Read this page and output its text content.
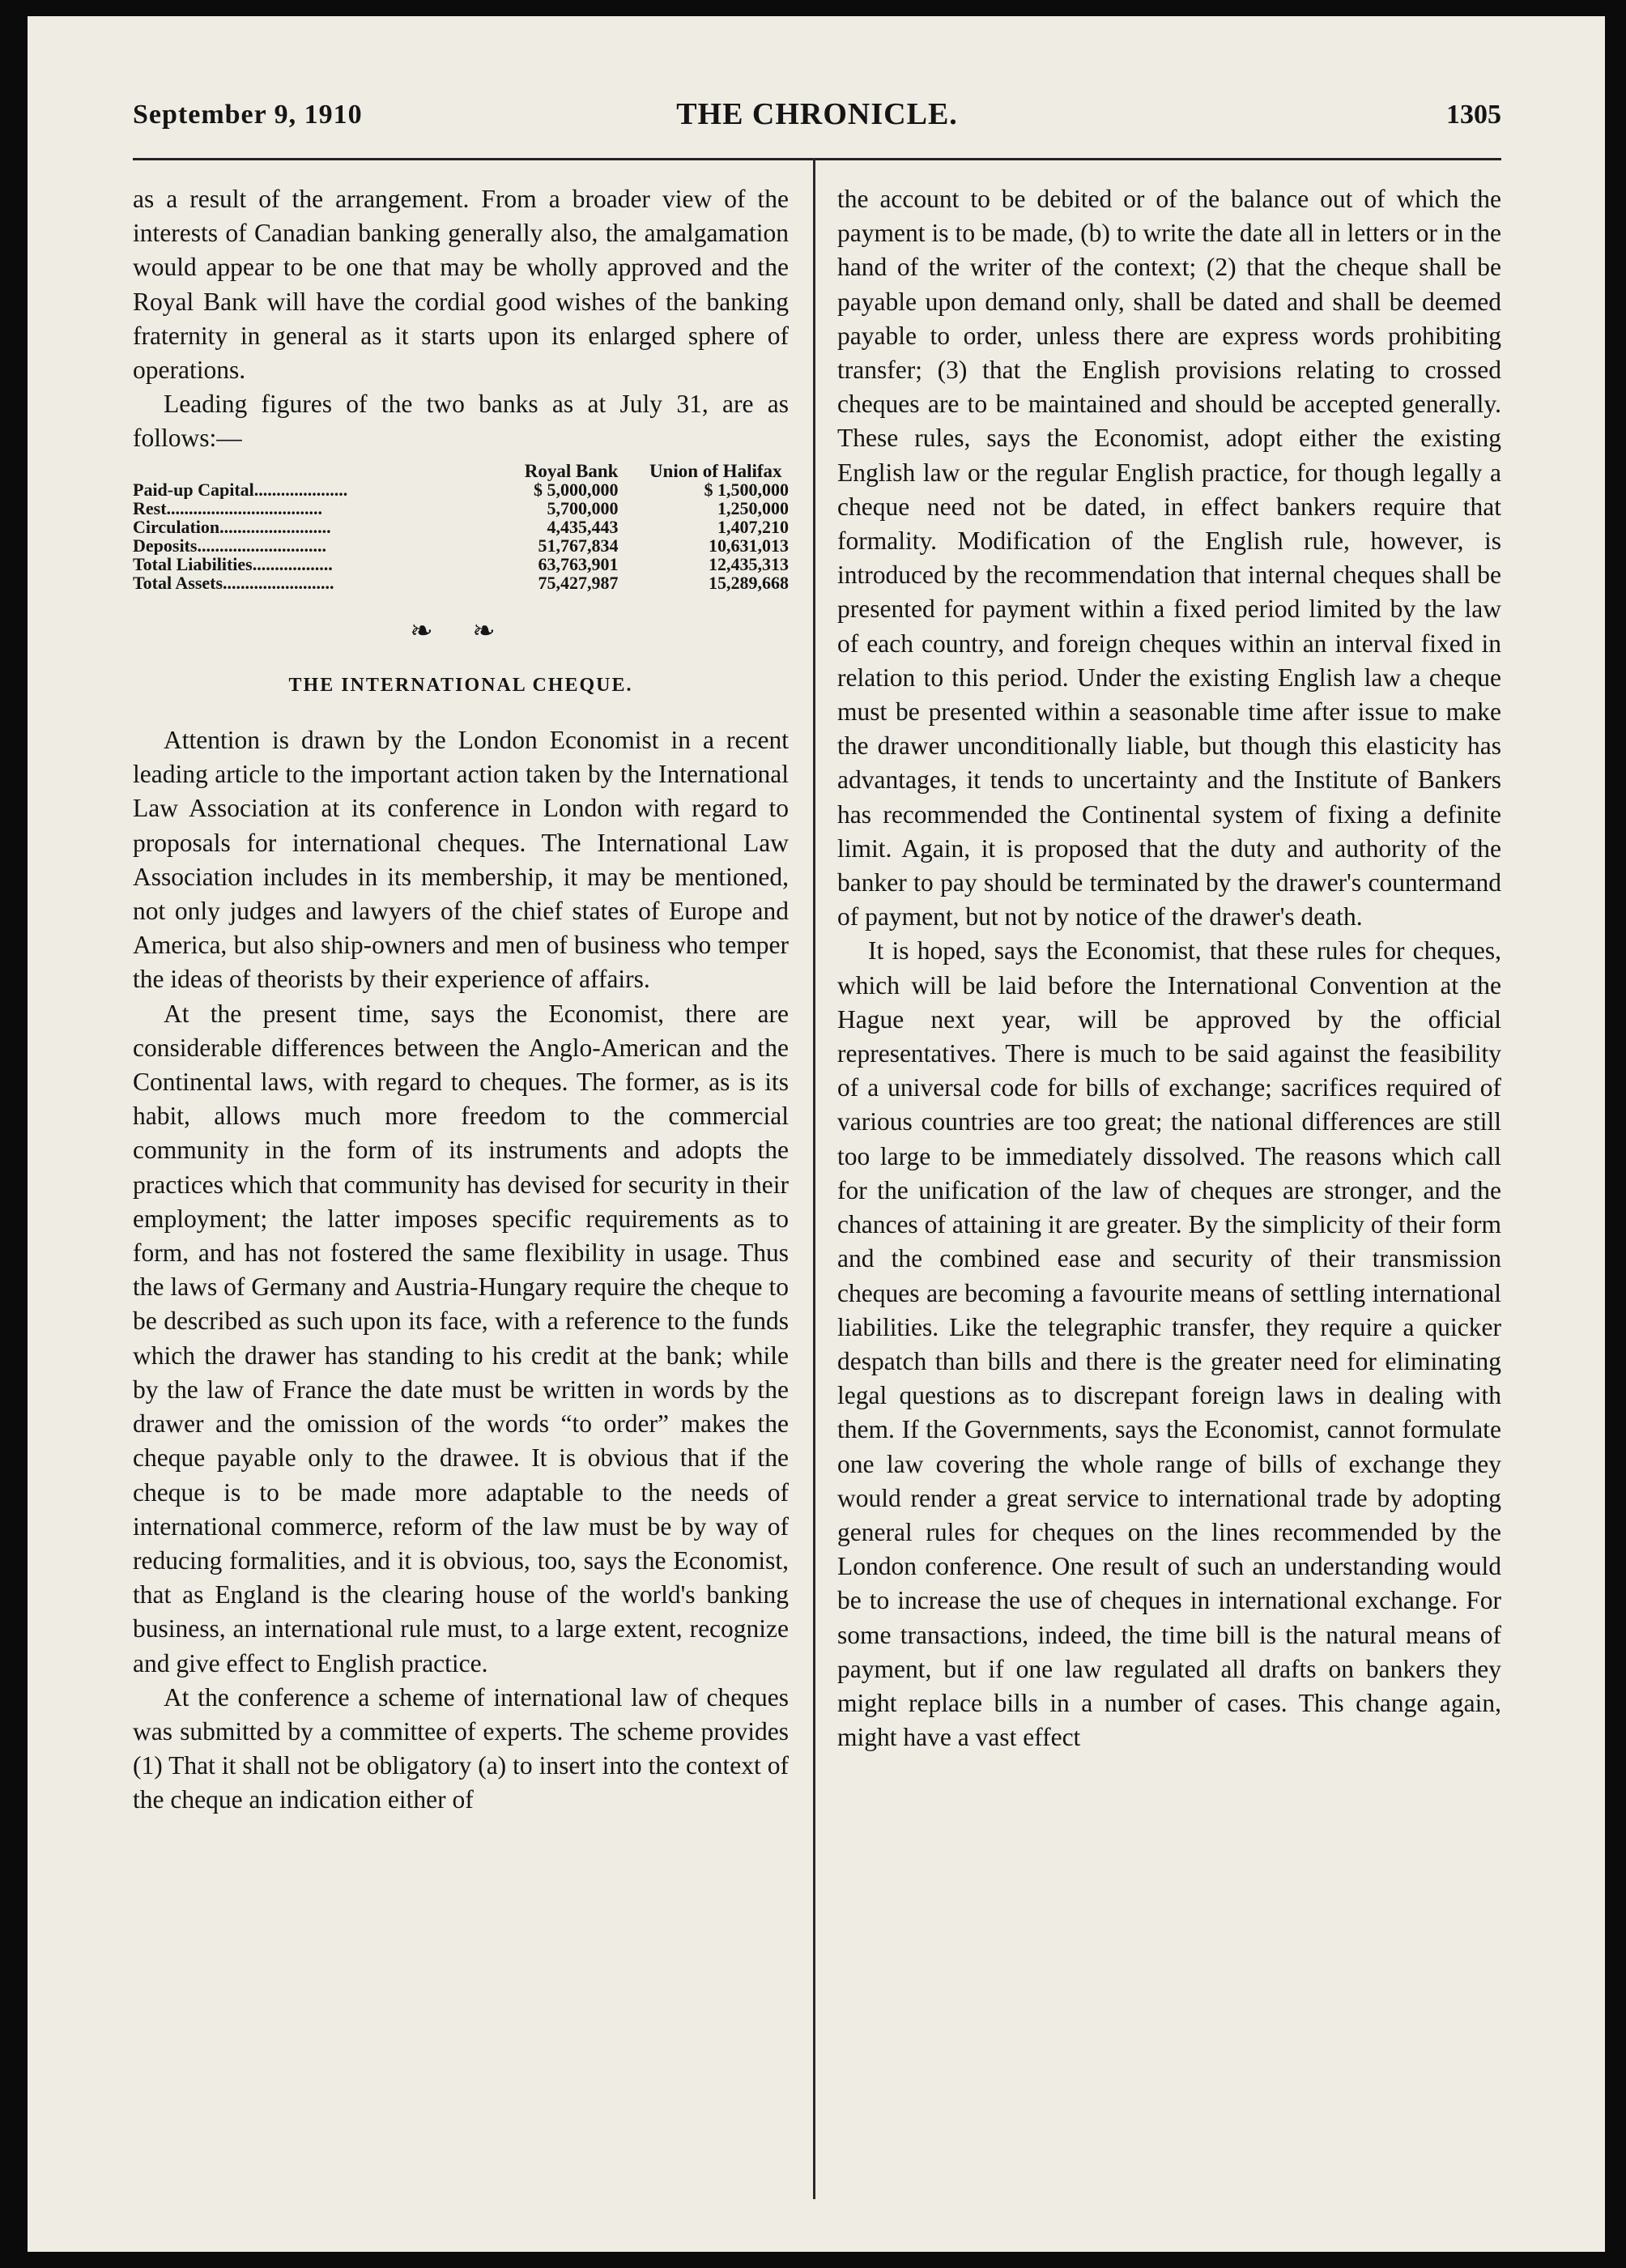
September 9, 1910	THE CHRONICLE.	1305

as a result of the arrangement. From a broader view of the interests of Canadian banking generally also, the amalgamation would appear to be one that may be wholly approved and the Royal Bank will have the cordial good wishes of the banking fraternity in general as it starts upon its enlarged sphere of operations.

Leading figures of the two banks as at July 31, are as follows:—

	Royal Bank	Union of Halifax
Paid-up Capital.....................	$ 5,000,000	$ 1,500,000
Rest...................................	5,700,000	1,250,000
Circulation.........................	4,435,443	1,407,210
Deposits.............................	51,767,834	10,631,013
Total Liabilities..................	63,763,901	12,435,313
Total Assets.........................	75,427,987	15,289,668
❧ ❧
THE INTERNATIONAL CHEQUE.

Attention is drawn by the London Economist in a recent leading article to the important action taken by the International Law Association at its conference in London with regard to proposals for international cheques. The International Law Association includes in its membership, it may be mentioned, not only judges and lawyers of the chief states of Europe and America, but also ship-owners and men of business who temper the ideas of theorists by their experience of affairs.

At the present time, says the Economist, there are considerable differences between the Anglo-American and the Continental laws, with regard to cheques. The former, as is its habit, allows much more freedom to the commercial community in the form of its instruments and adopts the practices which that community has devised for security in their employment; the latter imposes specific requirements as to form, and has not fostered the same flexibility in usage. Thus the laws of Germany and Austria-Hungary require the cheque to be described as such upon its face, with a reference to the funds which the drawer has standing to his credit at the bank; while by the law of France the date must be written in words by the drawer and the omission of the words “to order” makes the cheque payable only to the drawee. It is obvious that if the cheque is to be made more adaptable to the needs of international commerce, reform of the law must be by way of reducing formalities, and it is obvious, too, says the Economist, that as England is the clearing house of the world's banking business, an international rule must, to a large extent, recognize and give effect to English practice.

At the conference a scheme of international law of cheques was submitted by a committee of experts. The scheme provides (1) That it shall not be obligatory (a) to insert into the context of the cheque an indication either of

the account to be debited or of the balance out of which the payment is to be made, (b) to write the date all in letters or in the hand of the writer of the context; (2) that the cheque shall be payable upon demand only, shall be dated and shall be deemed payable to order, unless there are express words prohibiting transfer; (3) that the English provisions relating to crossed cheques are to be maintained and should be accepted generally. These rules, says the Economist, adopt either the existing English law or the regular English practice, for though legally a cheque need not be dated, in effect bankers require that formality. Modification of the English rule, however, is introduced by the recommendation that internal cheques shall be presented for payment within a fixed period limited by the law of each country, and foreign cheques within an interval fixed in relation to this period. Under the existing English law a cheque must be presented within a seasonable time after issue to make the drawer unconditionally liable, but though this elasticity has advantages, it tends to uncertainty and the Institute of Bankers has recommended the Continental system of fixing a definite limit. Again, it is proposed that the duty and authority of the banker to pay should be terminated by the drawer's countermand of payment, but not by notice of the drawer's death.

It is hoped, says the Economist, that these rules for cheques, which will be laid before the International Convention at the Hague next year, will be approved by the official representatives. There is much to be said against the feasibility of a universal code for bills of exchange; sacrifices required of various countries are too great; the national differences are still too large to be immediately dissolved. The reasons which call for the unification of the law of cheques are stronger, and the chances of attaining it are greater. By the simplicity of their form and the combined ease and security of their transmission cheques are becoming a favourite means of settling international liabilities. Like the telegraphic transfer, they require a quicker despatch than bills and there is the greater need for eliminating legal questions as to discrepant foreign laws in dealing with them. If the Governments, says the Economist, cannot formulate one law covering the whole range of bills of exchange they would render a great service to international trade by adopting general rules for cheques on the lines recommended by the London conference. One result of such an understanding would be to increase the use of cheques in international exchange. For some transactions, indeed, the time bill is the natural means of payment, but if one law regulated all drafts on bankers they might replace bills in a number of cases. This change again, might have a vast effect
